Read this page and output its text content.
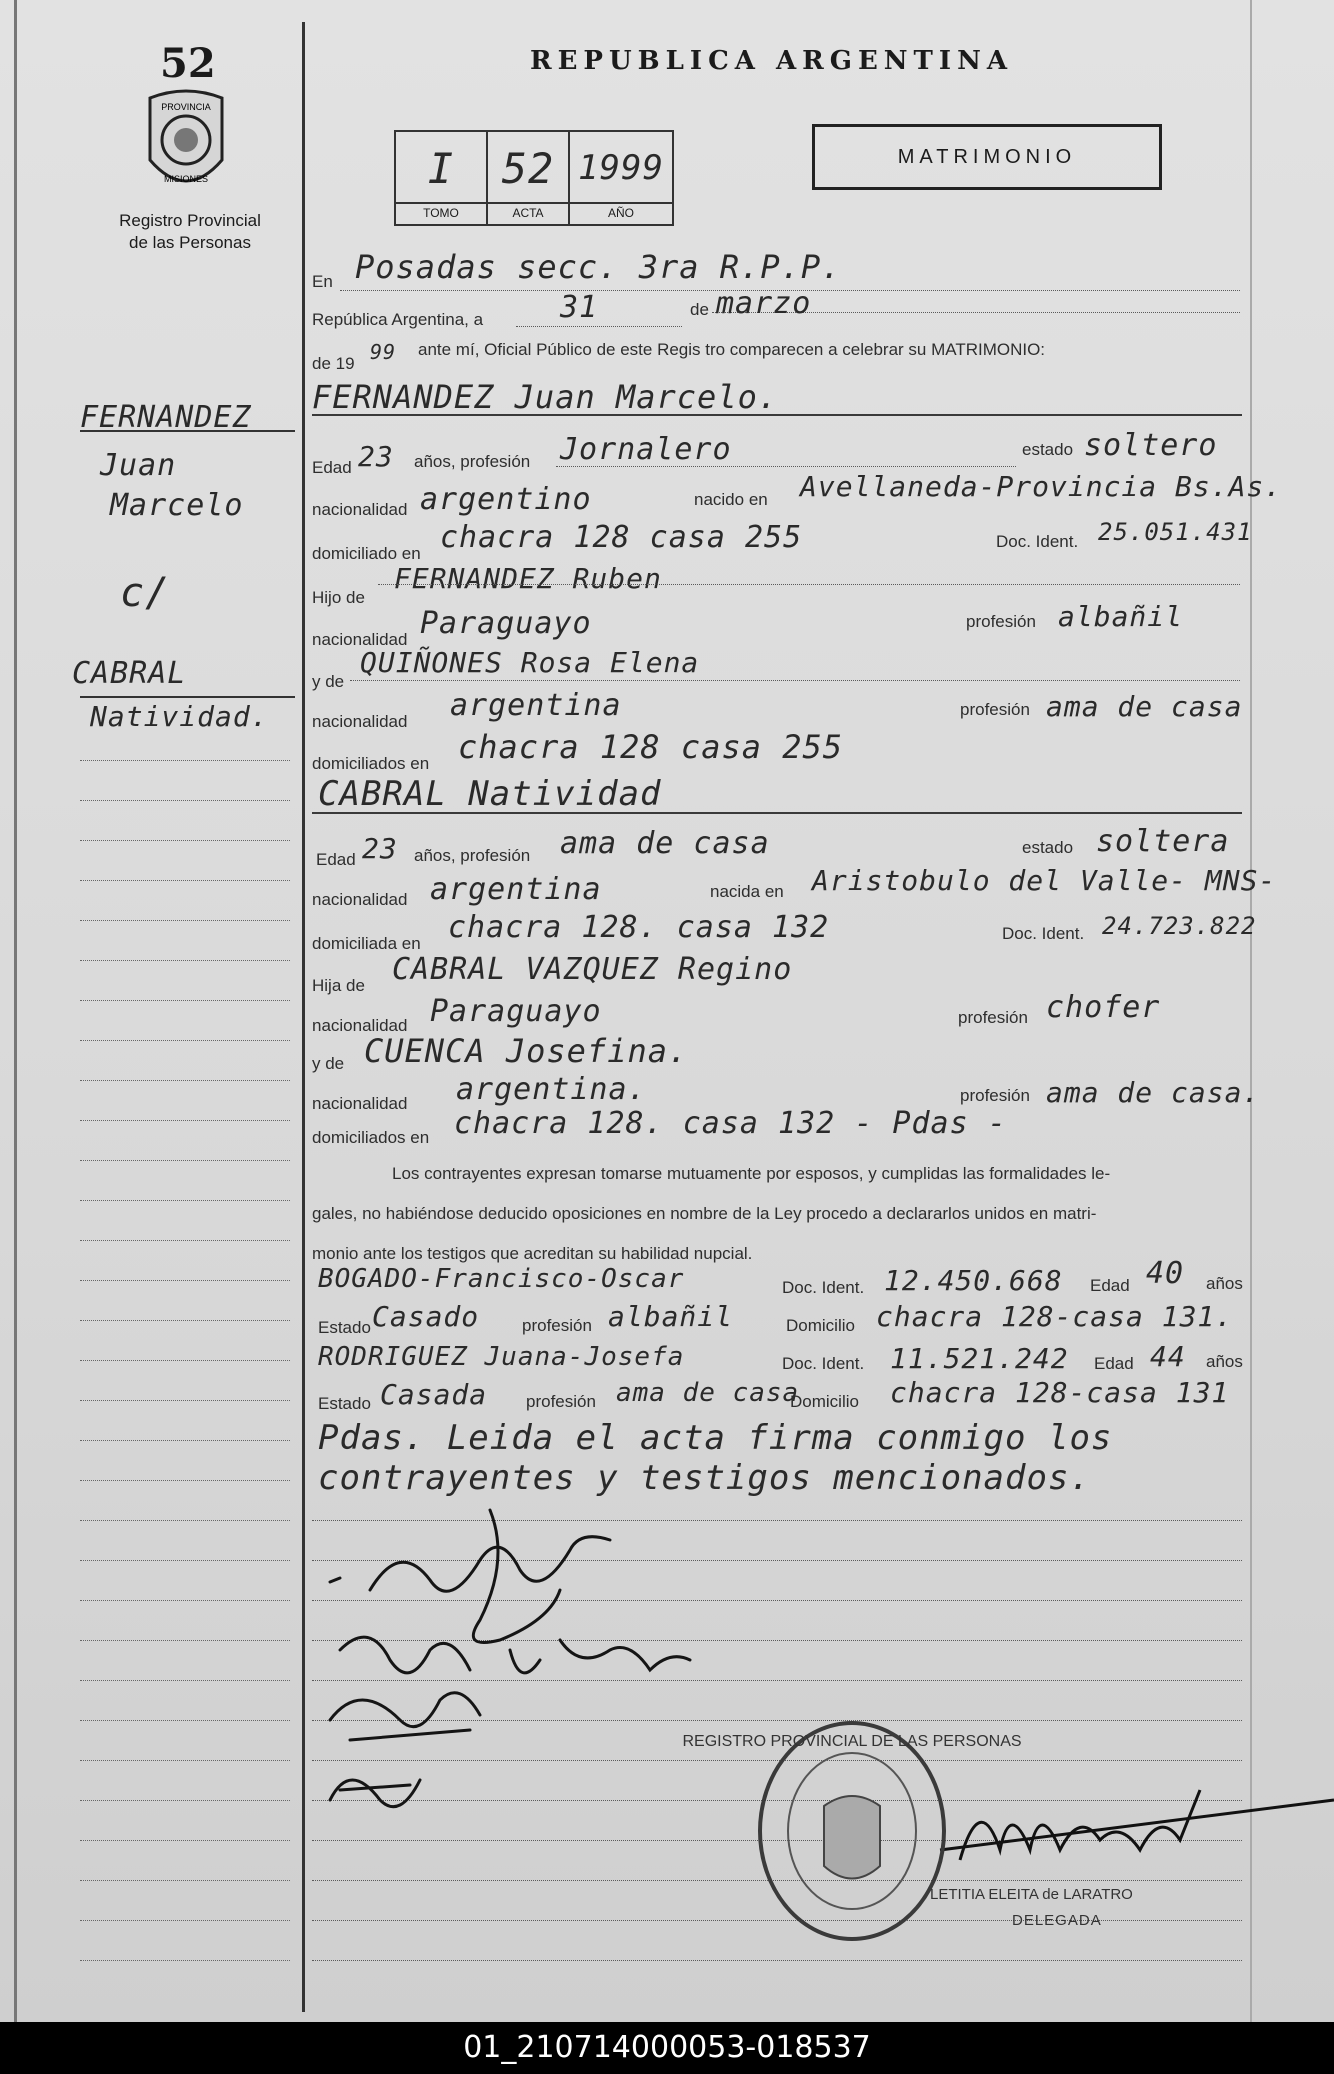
52
PROVINCIA
MISIONES
Registro Provincial
de las Personas
REPUBLICA ARGENTINA
I	52 1999
TOMO	ACTA	AÑO
MATRIMONIO
FERNANDEZ
Juan
Marcelo
c/
CABRAL
Natividad.
En Posadas secc. 3ra R.P.P.
República Argentina, a	31	de marzo
de 19 99 ante mí, Oficial Público de este Regis tro comparecen a celebrar su MATRIMONIO:
FERNANDEZ Juan Marcelo.
Edad 23 años, profesión Jornalero	estado soltero
nacionalidad argentino	nacido en Avellaneda-Provincia Bs.As.
domiciliado en chacra 128 casa 255	Doc. Ident. 25.051.431
Hijo de
FERNANDEZ Ruben
nacionalidad Paraguayo	profesión albañil
y de
QUIÑONES Rosa Elena
nacionalidad argentina	profesión ama de casa
domiciliados en chacra 128 casa 255
CABRAL Natividad
Edad 23 años, profesión ama de casa	estado soltera
nacionalidad argentina	nacida en Aristobulo del Valle- MNS-
domiciliada en chacra 128. casa 132	Doc. Ident. 24.723.822
Hija de CABRAL VAZQUEZ Regino
nacionalidad Paraguayo	profesión chofer
y de CUENCA Josefina.
nacionalidad argentina.	profesión ama de casa.
domiciliados en chacra 128. casa 132 - Pdas -
Los contrayentes expresan tomarse mutuamente por esposos, y cumplidas las formalidades le-
gales, no habiéndose deducido oposiciones en nombre de la Ley procedo a declararlos unidos en matri-
monio ante los testigos que acreditan su habilidad nupcial.
BOGADO-Francisco-Oscar	Doc. Ident. 12.450.668 Edad 40 años
Estado Casado	profesión albañil	Domicilio chacra 128-casa 131.
RODRIGUEZ Juana-Josefa	Doc. Ident. 11.521.242 Edad 44 años
Estado Casada profesión ama de casa
Domicilio chacra 128-casa 131
Pdas. Leida el acta firma conmigo los
contrayentes y testigos mencionados.
REGISTRO PROVINCIAL DE LAS PERSONAS
LETITIA ELEITA de LARATRO
DELEGADA
01_210714000053-018537
